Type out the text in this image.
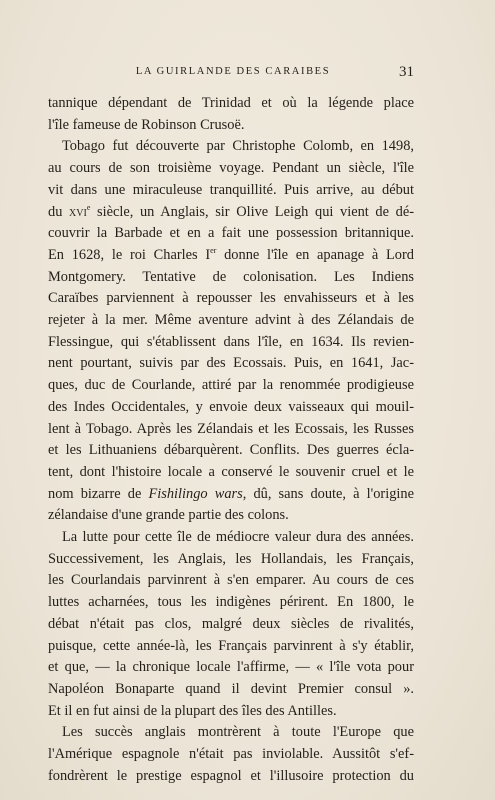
LA GUIRLANDE DES CARAIBES	31
tannique dépendant de Trinidad et où la légende place
l'île fameuse de Robinson Crusoë.
Tobago fut découverte par Christophe Colomb, en 1498,
au cours de son troisième voyage. Pendant un siècle, l'île
vit dans une miraculeuse tranquillité. Puis arrive, au début
du xvi$^e$ siècle, un Anglais, sir Olive Leigh qui vient de dé-
couvrir la Barbade et en a fait une possession britannique.
En 1628, le roi Charles Ier donne l'île en apanage à Lord
Montgomery. Tentative de colonisation. Les Indiens
Caraïbes parviennent à repousser les envahisseurs et à les
rejeter à la mer. Même aventure advint à des Zélandais de
Flessingue, qui s'établissent dans l'île, en 1634. Ils revien-
nent pourtant, suivis par des Ecossais. Puis, en 1641, Jac-
ques, duc de Courlande, attiré par la renommée prodigieuse
des Indes Occidentales, y envoie deux vaisseaux qui mouil-
lent à Tobago. Après les Zélandais et les Ecossais, les Russes
et les Lithuaniens débarquèrent. Conflits. Des guerres écla-
tent, dont l'histoire locale a conservé le souvenir cruel et le
nom bizarre de Fishilingo wars, dû, sans doute, à l'origine
zélandaise d'une grande partie des colons.
La lutte pour cette île de médiocre valeur dura des années.
Successivement, les Anglais, les Hollandais, les Français,
les Courlandais parvinrent à s'en emparer. Au cours de ces
luttes acharnées, tous les indigènes périrent. En 1800, le
débat n'était pas clos, malgré deux siècles de rivalités,
puisque, cette année-là, les Français parvinrent à s'y établir,
et que, — la chronique locale l'affirme, — « l'île vota pour
Napoléon Bonaparte quand il devint Premier consul ».
Et il en fut ainsi de la plupart des îles des Antilles.
Les succès anglais montrèrent à toute l'Europe que
l'Amérique espagnole n'était pas inviolable. Aussitôt s'ef-
fondrèrent le prestige espagnol et l'illusoire protection du
